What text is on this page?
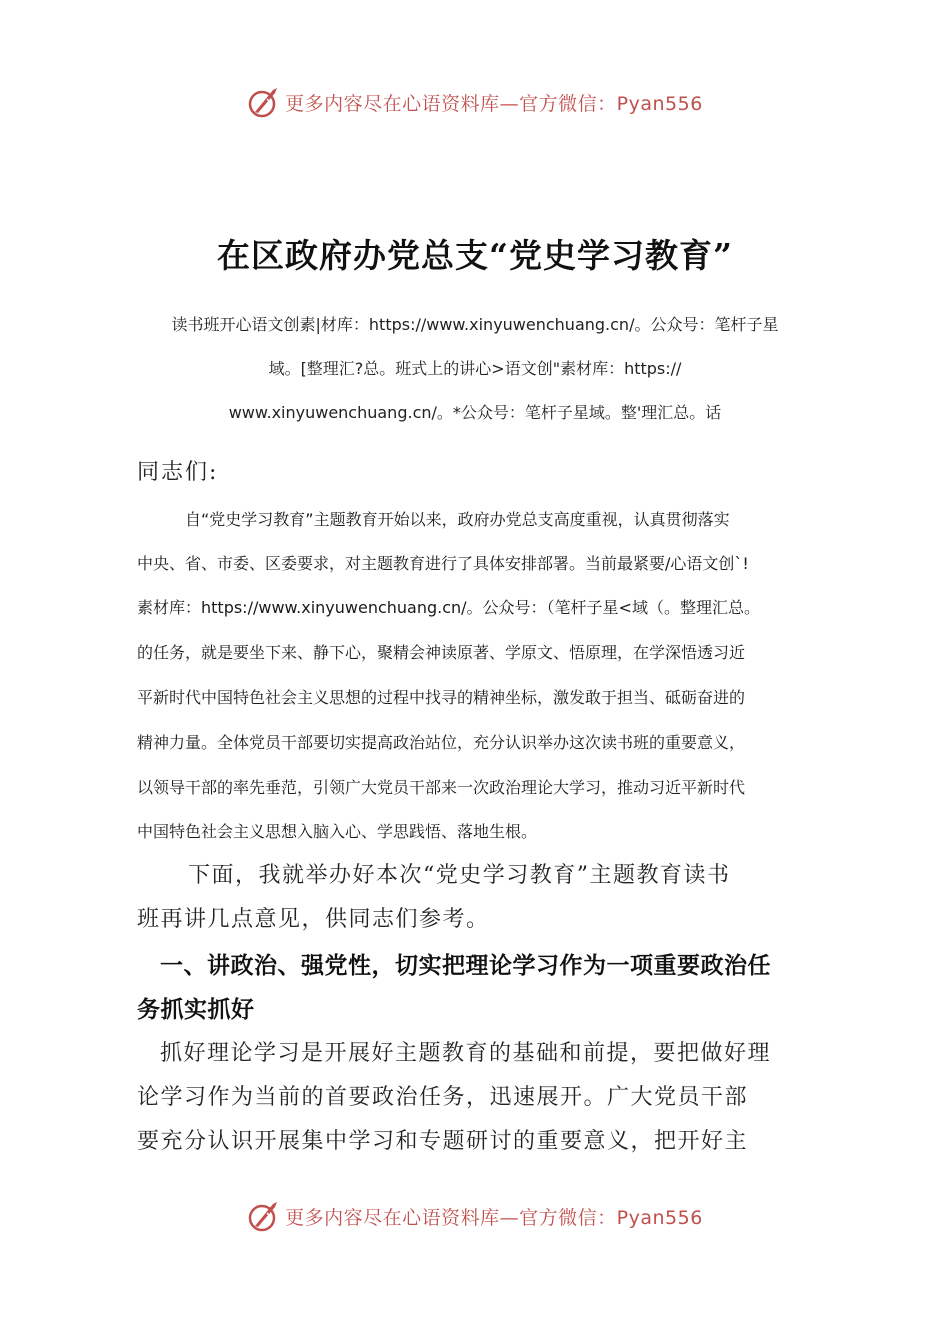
更多内容尽在心语资料库—官方微信：Pyan556
在区政府办党总支“党史学习教育”
读书班开心语文创素|材库：https://www.xinyuwenchuang.cn/。公众号：笔杆子星
域。[整理汇?总。班式上的讲心>语文创"素材库：https://
www.xinyuwenchuang.cn/。*公众号：笔杆子星域。整'理汇总。话
同志们:
自“党史学习教育”主题教育开始以来，政府办党总支高度重视，认真贯彻落实
中央、省、市委、区委要求，对主题教育进行了具体安排部署。当前最紧要/心语文创`!
素材库：https://www.xinyuwenchuang.cn/。公众号：（笔杆子星<域（。整理汇总。
的任务，就是要坐下来、静下心，聚精会神读原著、学原文、悟原理，在学深悟透习近
平新时代中国特色社会主义思想的过程中找寻的精神坐标，激发敢于担当、砥砺奋进的
精神力量。全体党员干部要切实提高政治站位，充分认识举办这次读书班的重要意义，
以领导干部的率先垂范，引领广大党员干部来一次政治理论大学习，推动习近平新时代
中国特色社会主义思想入脑入心、学思践悟、落地生根。
下面，我就举办好本次“党史学习教育”主题教育读书
班再讲几点意见，供同志们参考。
一、讲政治、强党性，切实把理论学习作为一项重要政治任
务抓实抓好
抓好理论学习是开展好主题教育的基础和前提，要把做好理
论学习作为当前的首要政治任务，迅速展开。广大党员干部
要充分认识开展集中学习和专题研讨的重要意义，把开好主
更多内容尽在心语资料库—官方微信：Pyan556
